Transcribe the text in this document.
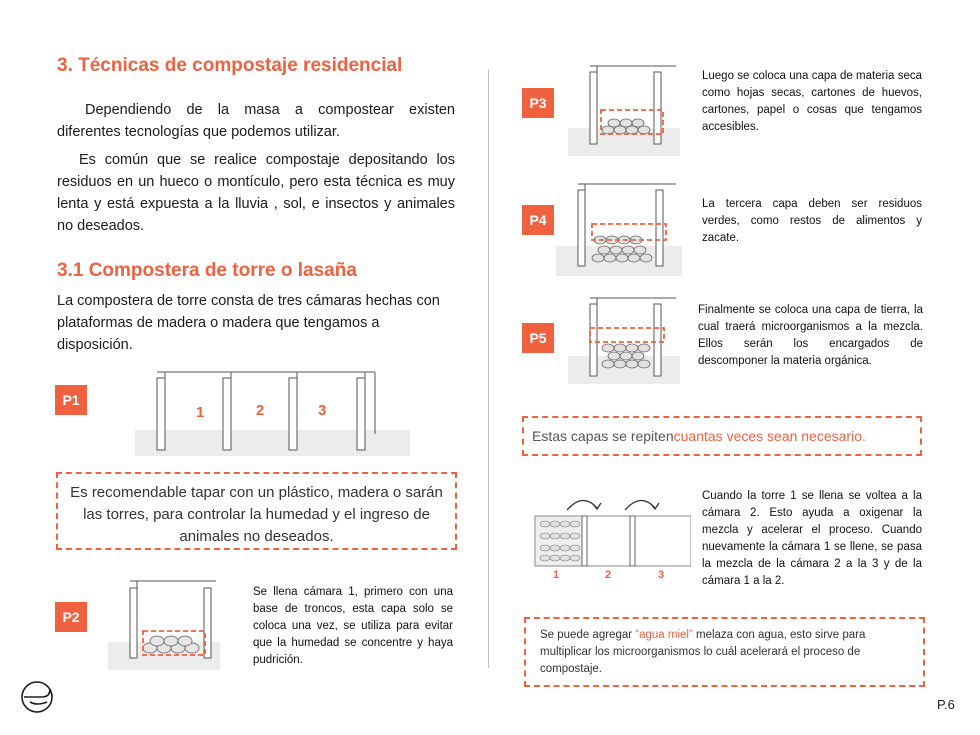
3. Técnicas de compostaje residencial
Dependiendo de la masa a compostear existen diferentes tecnologías que podemos utilizar.
Es común que se realice compostaje depositando los residuos en un hueco o montículo, pero esta técnica es muy lenta y está expuesta a la lluvia , sol, e insectos y animales no deseados.
3.1 Compostera de torre o lasaña
La compostera de torre consta de tres cámaras hechas con plataformas de madera o madera que tengamos a disposición.
P1
1	2	3
Es recomendable tapar con un plástico, madera o sarán las torres, para controlar la humedad y el ingreso de animales no deseados.
P2
Se llena cámara 1, primero con una base de troncos, esta capa solo se coloca una vez, se utiliza para evitar que la humedad se concentre y haya pudrición.
P3
Luego se coloca una capa de materia seca como hojas secas, cartones de huevos, cartones, papel o cosas que tengamos accesibles.
P4
La tercera capa deben ser residuos verdes, como restos de alimentos y zacate.
P5
Finalmente se coloca una capa de tierra, la cual traerá microorganismos a la mezcla. Ellos serán los encargados de descomponer la materia orgánica.
Estas capas se repiten cuantas veces sean necesario.
1	2	3
Cuando la torre 1 se llena se voltea a la cámara 2. Esto ayuda a oxigenar la mezcla y acelerar el proceso. Cuando nuevamente la cámara 1 se llene, se pasa la mezcla de la cámara 2 a la 3 y de la cámara 1 a la 2.
Se puede agregar “agua miel” melaza con agua, esto sirve para multiplicar los microorganismos lo cuál acelerará el proceso de compostaje.
P.6
